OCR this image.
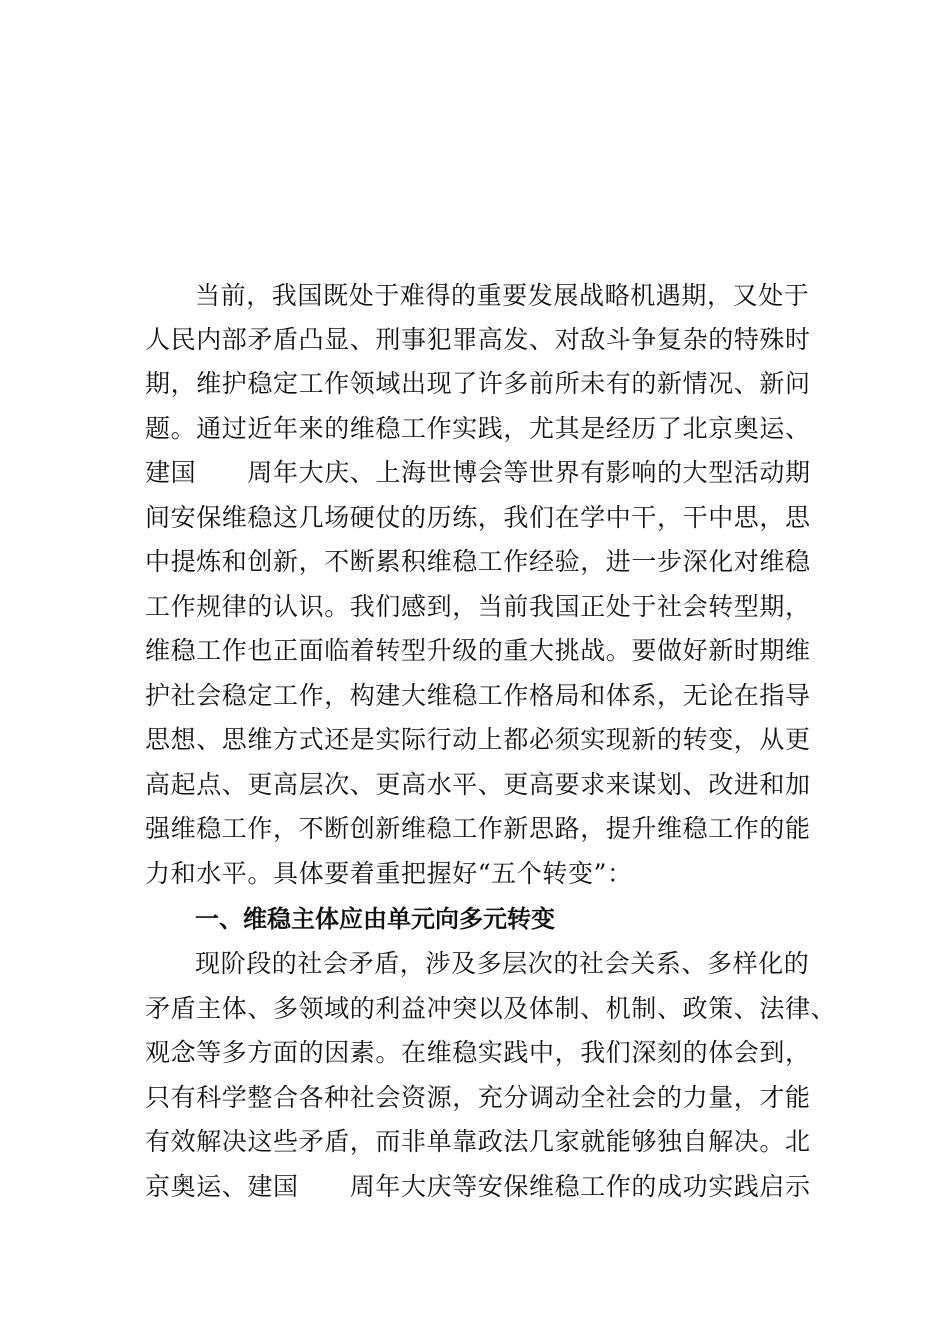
当前，我国既处于难得的重要发展战略机遇期，又处于
人民内部矛盾凸显、刑事犯罪高发、对敌斗争复杂的特殊时
期，维护稳定工作领域出现了许多前所未有的新情况、新问
题。通过近年来的维稳工作实践，尤其是经历了北京奥运、
建国　　周年大庆、上海世博会等世界有影响的大型活动期
间安保维稳这几场硬仗的历练，我们在学中干，干中思，思
中提炼和创新，不断累积维稳工作经验，进一步深化对维稳
工作规律的认识。我们感到，当前我国正处于社会转型期，
维稳工作也正面临着转型升级的重大挑战。要做好新时期维
护社会稳定工作，构建大维稳工作格局和体系，无论在指导
思想、思维方式还是实际行动上都必须实现新的转变，从更
高起点、更高层次、更高水平、更高要求来谋划、改进和加
强维稳工作，不断创新维稳工作新思路，提升维稳工作的能
力和水平。具体要着重把握好“五个转变”：
一、维稳主体应由单元向多元转变
现阶段的社会矛盾，涉及多层次的社会关系、多样化的
矛盾主体、多领域的利益冲突以及体制、机制、政策、法律、
观念等多方面的因素。在维稳实践中，我们深刻的体会到，
只有科学整合各种社会资源，充分调动全社会的力量，才能
有效解决这些矛盾，而非单靠政法几家就能够独自解决。北
京奥运、建国　　周年大庆等安保维稳工作的成功实践启示
